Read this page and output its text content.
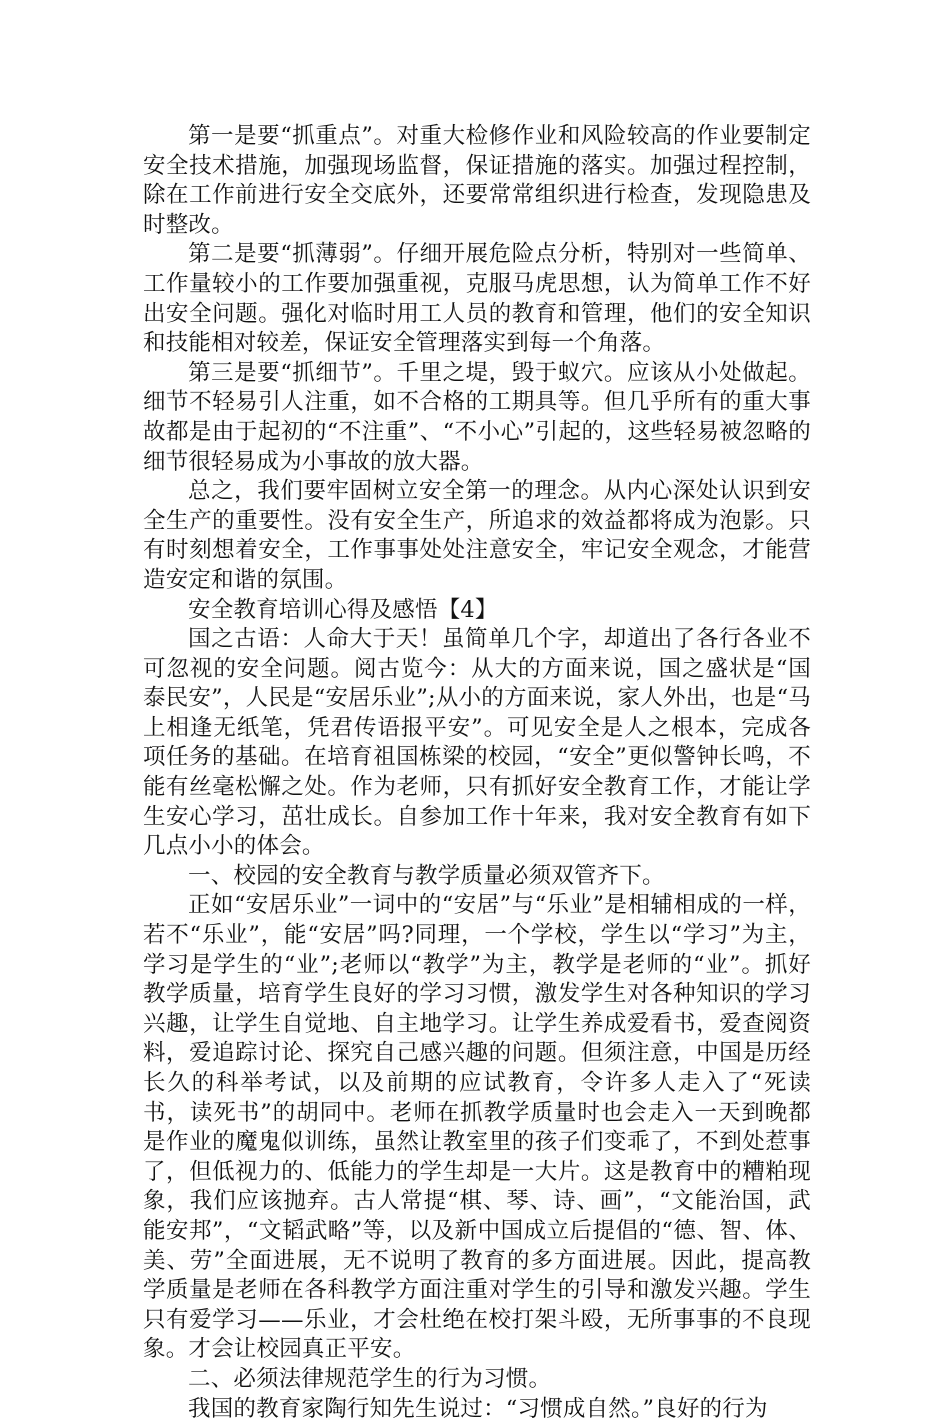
第一是要“抓重点”。对重大检修作业和风险较高的作业要制定安全技术措施，加强现场监督，保证措施的落实。加强过程控制，除在工作前进行安全交底外，还要常常组织进行检查，发现隐患及时整改。

第二是要“抓薄弱”。仔细开展危险点分析，特别对一些简单、工作量较小的工作要加强重视，克服马虎思想，认为简单工作不好出安全问题。强化对临时用工人员的教育和管理，他们的安全知识和技能相对较差，保证安全管理落实到每一个角落。

第三是要“抓细节”。千里之堤，毁于蚁穴。应该从小处做起。细节不轻易引人注重，如不合格的工期具等。但几乎所有的重大事故都是由于起初的“不注重”、“不小心”引起的，这些轻易被忽略的细节很轻易成为小事故的放大器。

总之，我们要牢固树立安全第一的理念。从内心深处认识到安全生产的重要性。没有安全生产，所追求的效益都将成为泡影。只有时刻想着安全，工作事事处处注意安全，牢记安全观念，才能营造安定和谐的氛围。

安全教育培训心得及感悟【4】

国之古语：人命大于天！虽简单几个字，却道出了各行各业不可忽视的安全问题。阅古览今：从大的方面来说，国之盛状是“国泰民安”，人民是“安居乐业”;从小的方面来说，家人外出，也是“马上相逢无纸笔，凭君传语报平安”。可见安全是人之根本，完成各项任务的基础。在培育祖国栋梁的校园，“安全”更似警钟长鸣，不能有丝毫松懈之处。作为老师，只有抓好安全教育工作，才能让学生安心学习，茁壮成长。自参加工作十年来，我对安全教育有如下几点小小的体会。

一、校园的安全教育与教学质量必须双管齐下。

正如“安居乐业”一词中的“安居”与“乐业”是相辅相成的一样，若不“乐业”，能“安居”吗?同理，一个学校，学生以“学习”为主，学习是学生的“业”;老师以“教学”为主，教学是老师的“业”。抓好教学质量，培育学生良好的学习习惯，激发学生对各种知识的学习兴趣，让学生自觉地、自主地学习。让学生养成爱看书，爱查阅资料，爱追踪讨论、探究自己感兴趣的问题。但须注意，中国是历经长久的科举考试，以及前期的应试教育，令许多人走入了“死读书，读死书”的胡同中。老师在抓教学质量时也会走入一天到晚都是作业的魔鬼似训练，虽然让教室里的孩子们变乖了，不到处惹事了，但低视力的、低能力的学生却是一大片。这是教育中的糟粕现象，我们应该抛弃。古人常提“棋、琴、诗、画”，“文能治国，武能安邦”，“文韬武略”等，以及新中国成立后提倡的“德、智、体、美、劳”全面进展，无不说明了教育的多方面进展。因此，提高教学质量是老师在各科教学方面注重对学生的引导和激发兴趣。学生只有爱学习——乐业，才会杜绝在校打架斗殴，无所事事的不良现象。才会让校园真正平安。

二、必须法律规范学生的行为习惯。

我国的教育家陶行知先生说过：“习惯成自然。”良好的行为
